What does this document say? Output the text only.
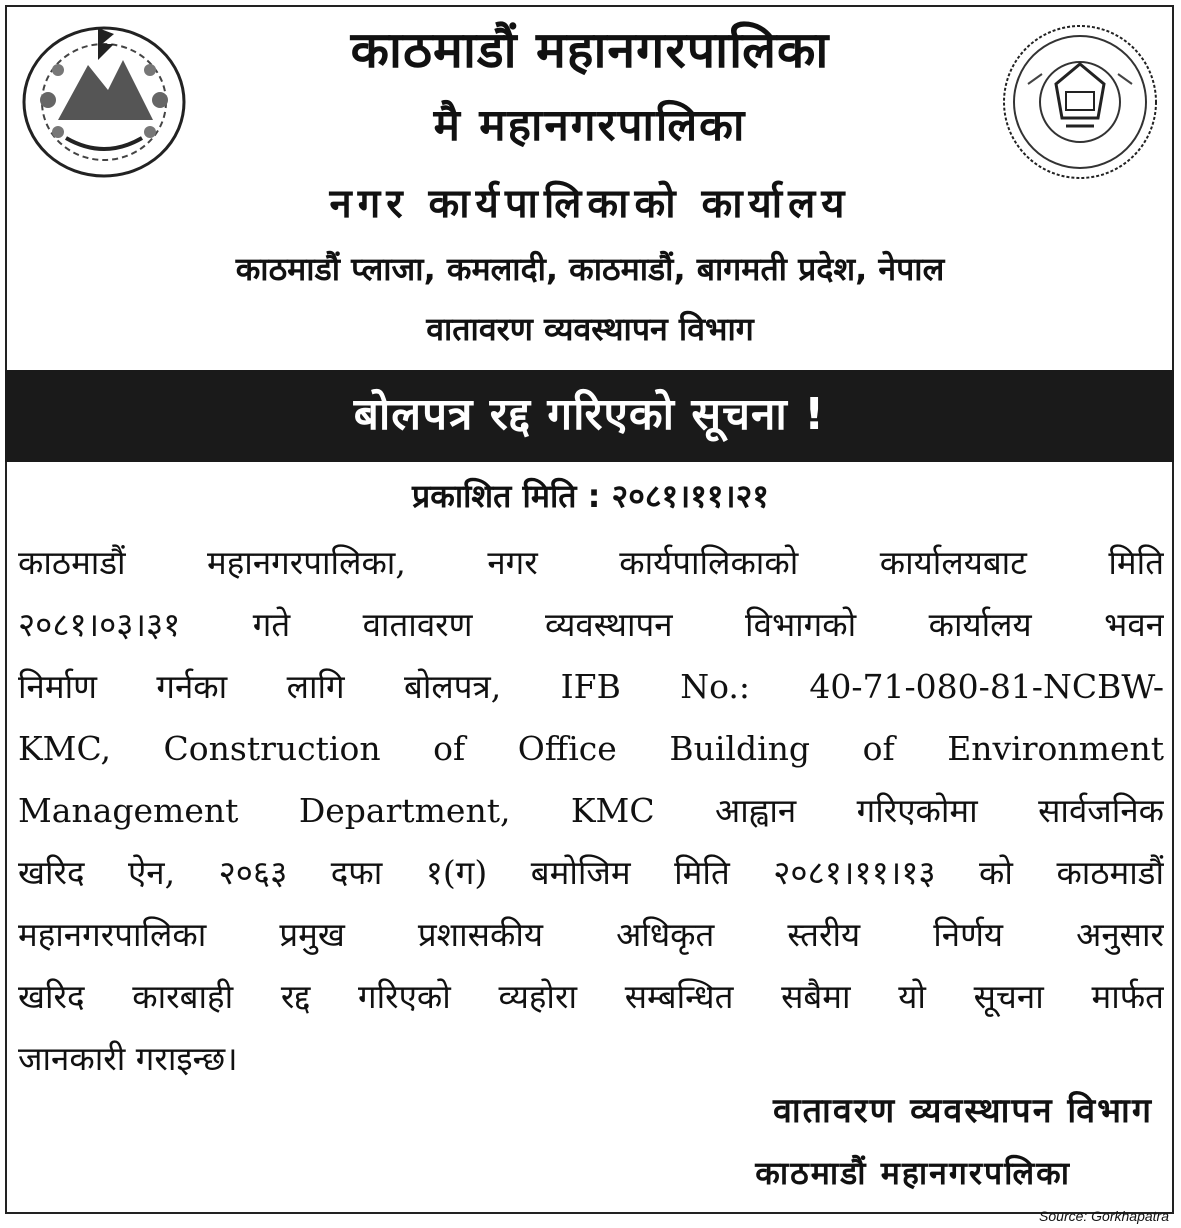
काठमाडौं महानगरपालिका
मै महानगरपालिका
नगर कार्यपालिकाको कार्यालय
काठमाडौं प्लाजा, कमलादी, काठमाडौं, बागमती प्रदेश, नेपाल
वातावरण व्यवस्थापन विभाग
बोलपत्र रद्द गरिएको सूचना !
प्रकाशित मिति : २०८१।११।२१
काठमाडौं महानगरपालिका, नगर कार्यपालिकाको कार्यालयबाट मिति
२०८१।०३।३१ गते वातावरण व्यवस्थापन विभागको कार्यालय भवन
निर्माण गर्नका लागि बोलपत्र, IFB No.: 40-71-080-81-NCBW-
KMC, Construction of Office Building of Environment
Management Department, KMC आह्वान गरिएकोमा सार्वजनिक
खरिद ऐन, २०६३ दफा १(ग) बमोजिम मिति २०८१।११।१३ को काठमाडौं
महानगरपालिका प्रमुख प्रशासकीय अधिकृत स्तरीय निर्णय अनुसार
खरिद कारबाही रद्द गरिएको व्यहोरा सम्बन्धित सबैमा यो सूचना मार्फत
जानकारी गराइन्छ।
वातावरण व्यवस्थापन विभाग
काठमाडौं महानगरपलिका
Source: Gorkhapatra
